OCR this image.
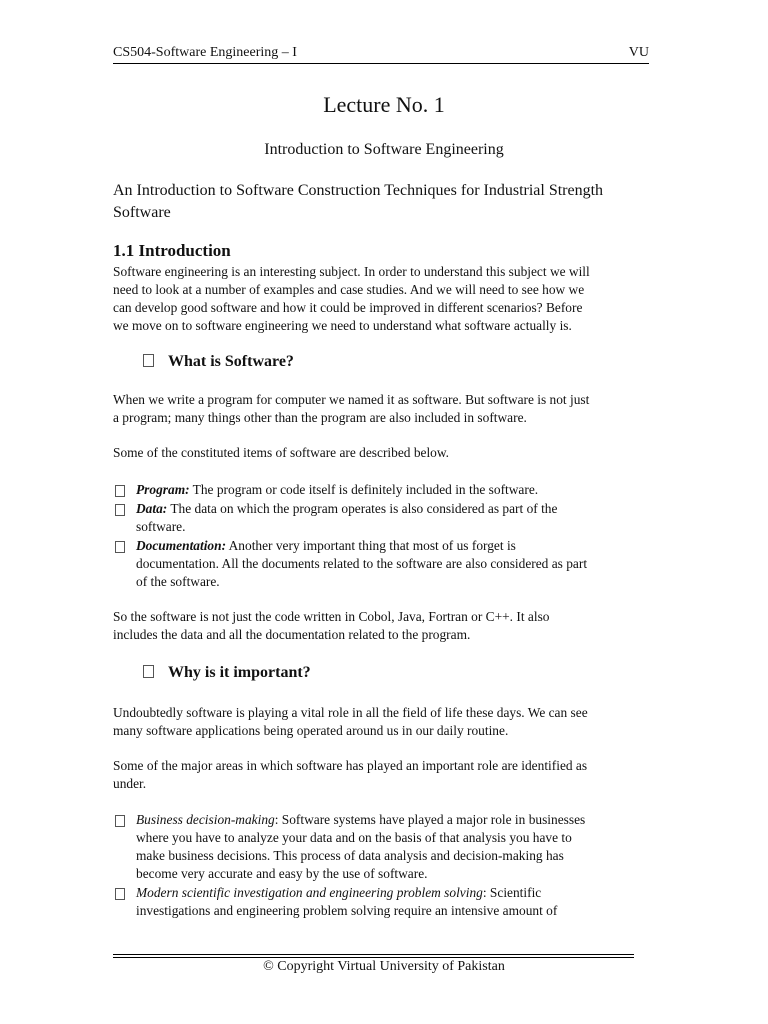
CS504-Software Engineering – I	VU
Lecture No. 1
Introduction to Software Engineering
An Introduction to Software Construction Techniques for Industrial Strength
Software
1.1 Introduction
Software engineering is an interesting subject. In order to understand this subject we will
need to look at a number of examples and case studies. And we will need to see how we
can develop good software and how it could be improved in different scenarios? Before
we move on to software engineering we need to understand what software actually is.
What is Software?
When we write a program for computer we named it as software. But software is not just
a program; many things other than the program are also included in software.
Some of the constituted items of software are described below.
Program: The program or code itself is definitely included in the software.
Data: The data on which the program operates is also considered as part of the
software.
Documentation: Another very important thing that most of us forget is
documentation. All the documents related to the software are also considered as part
of the software.
So the software is not just the code written in Cobol, Java, Fortran or C++. It also
includes the data and all the documentation related to the program.
Why is it important?
Undoubtedly software is playing a vital role in all the field of life these days. We can see
many software applications being operated around us in our daily routine.
Some of the major areas in which software has played an important role are identified as
under.
Business decision-making: Software systems have played a major role in businesses
where you have to analyze your data and on the basis of that analysis you have to
make business decisions. This process of data analysis and decision-making has
become very accurate and easy by the use of software.
Modern scientific investigation and engineering problem solving: Scientific
investigations and engineering problem solving require an intensive amount of
© Copyright Virtual University of Pakistan
